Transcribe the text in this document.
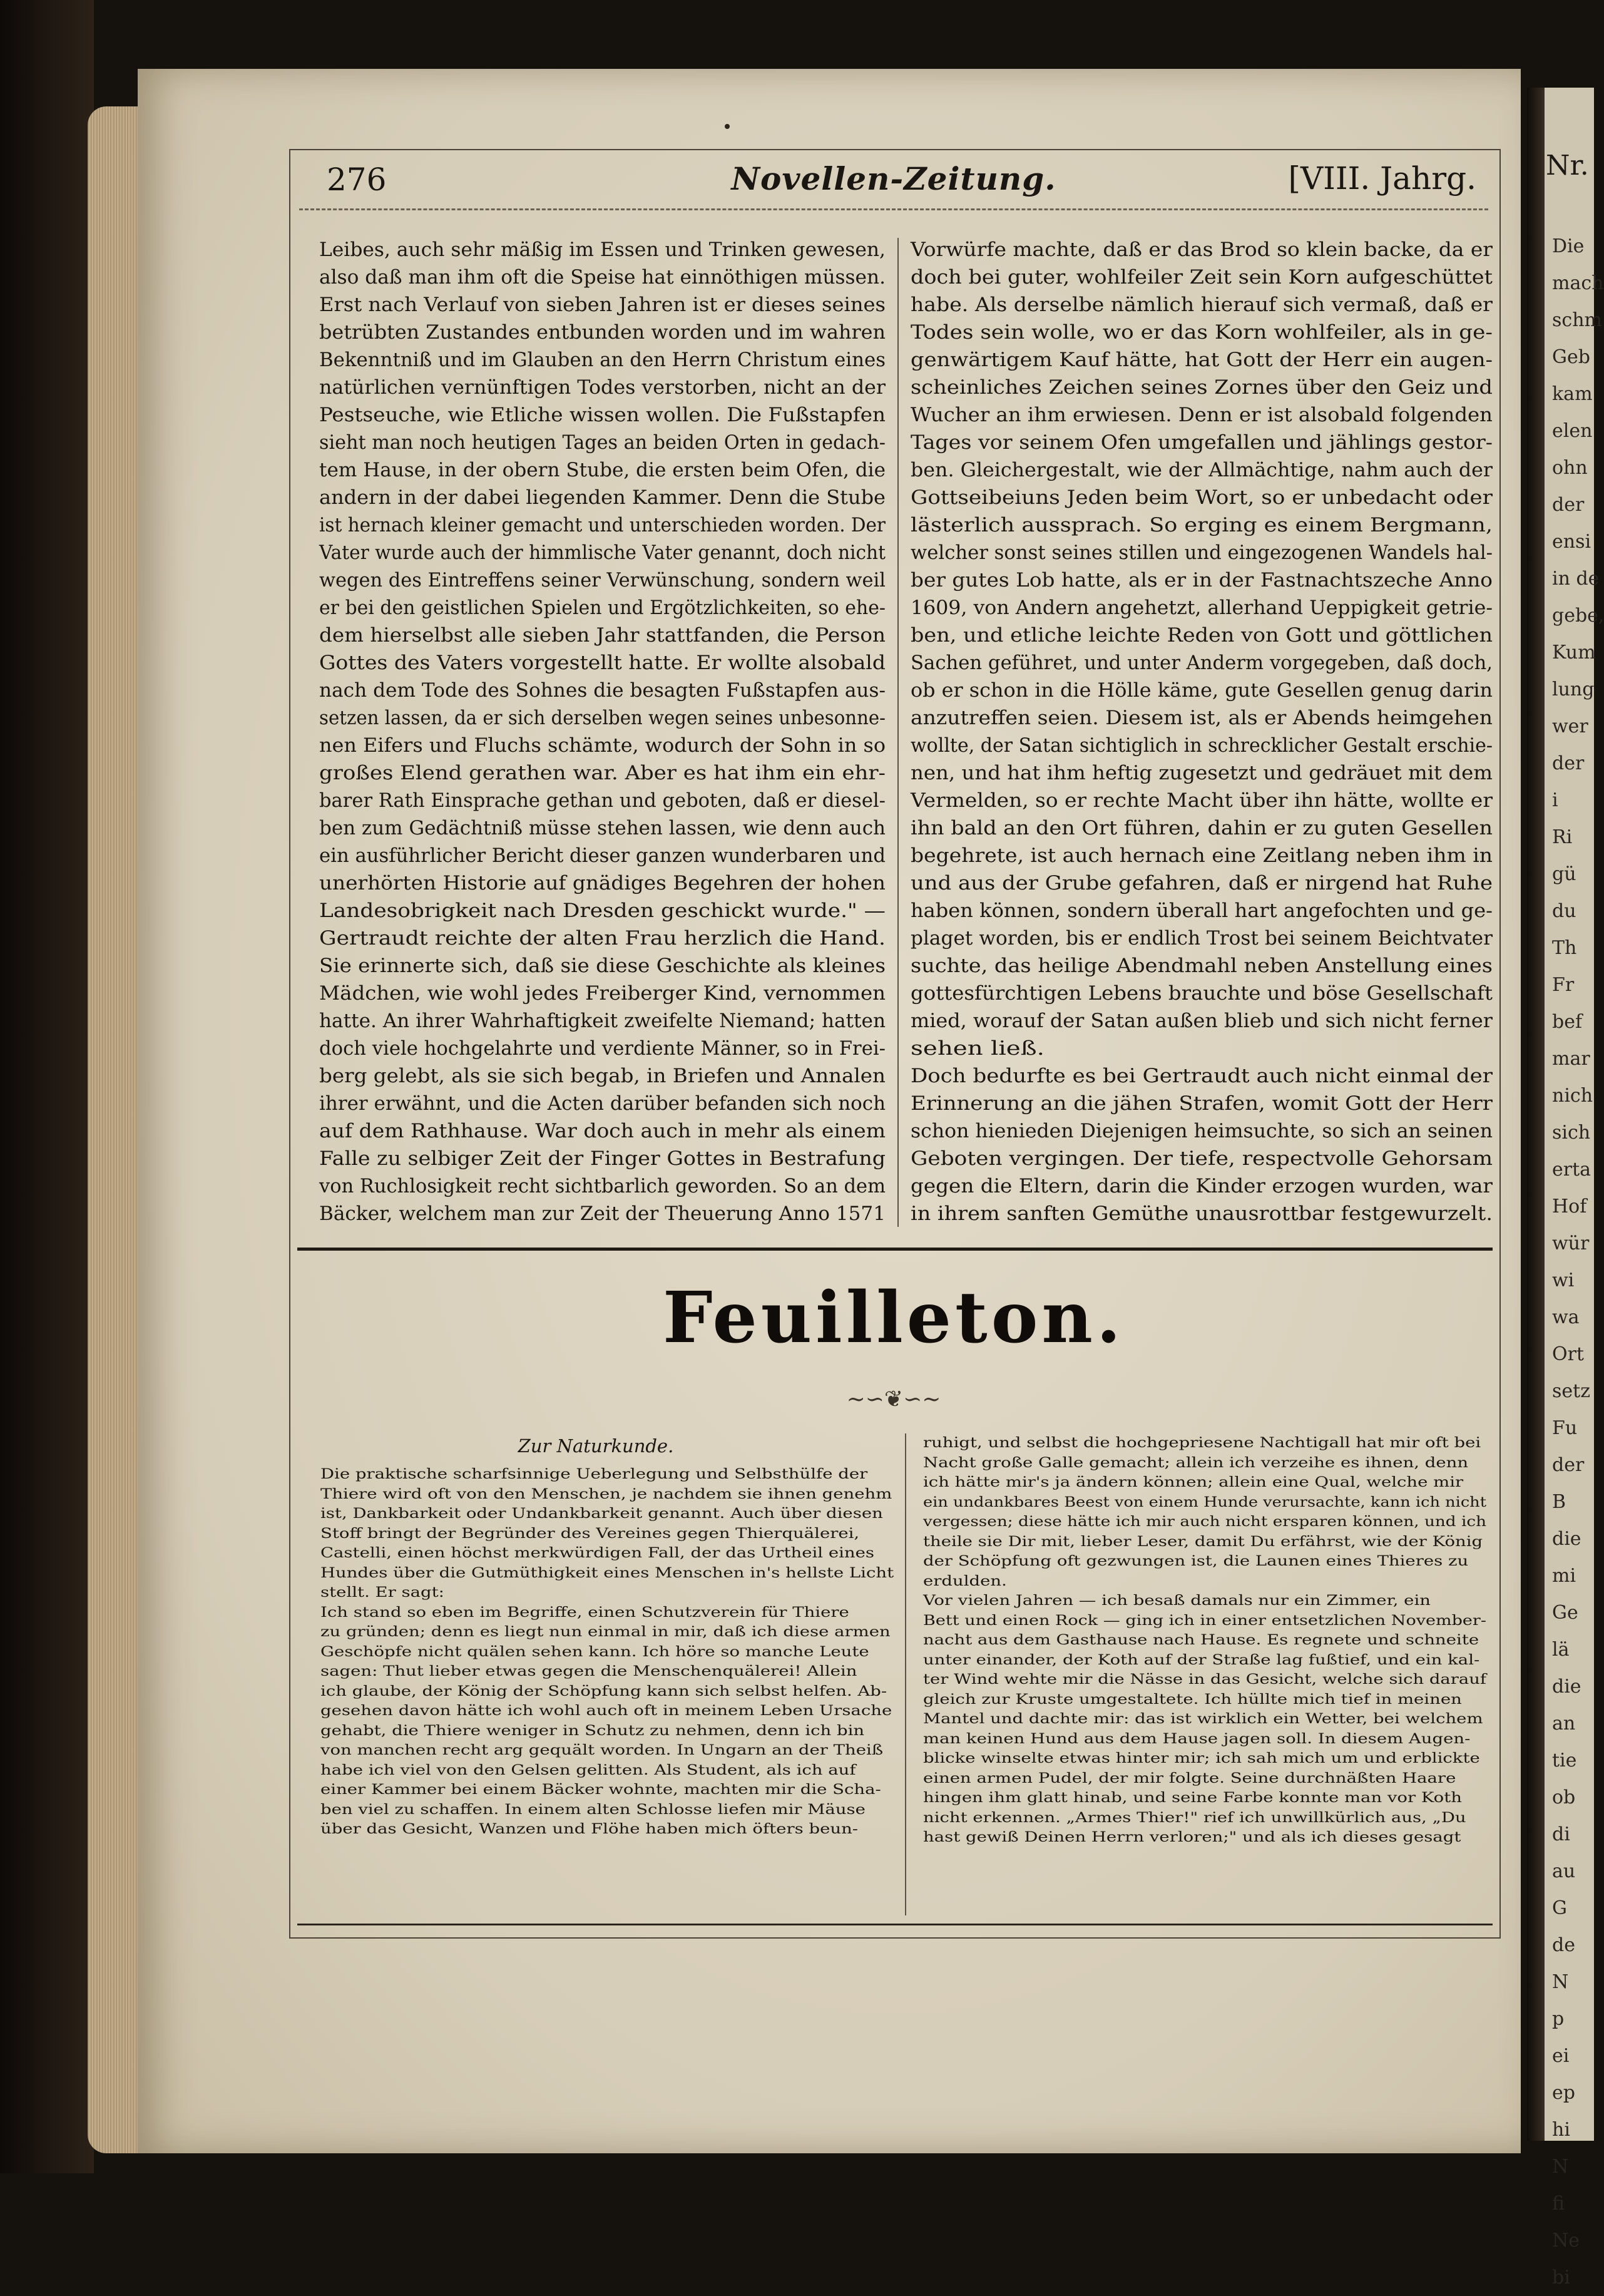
276	Novellen-Zeitung.	[VIII. Jahrg.
Leibes, auch sehr mäßig im Essen und Trinken gewesen,
also daß man ihm oft die Speise hat einnöthigen müssen.
Erst nach Verlauf von sieben Jahren ist er dieses seines
betrübten Zustandes entbunden worden und im wahren
Bekenntniß und im Glauben an den Herrn Christum eines
natürlichen vernünftigen Todes verstorben, nicht an der
Pestseuche, wie Etliche wissen wollen. Die Fußstapfen
sieht man noch heutigen Tages an beiden Orten in gedach-
tem Hause, in der obern Stube, die ersten beim Ofen, die
andern in der dabei liegenden Kammer. Denn die Stube
ist hernach kleiner gemacht und unterschieden worden. Der
Vater wurde auch der himmlische Vater genannt, doch nicht
wegen des Eintreffens seiner Verwünschung, sondern weil
er bei den geistlichen Spielen und Ergötzlichkeiten, so ehe-
dem hierselbst alle sieben Jahr stattfanden, die Person
Gottes des Vaters vorgestellt hatte. Er wollte alsobald
nach dem Tode des Sohnes die besagten Fußstapfen aus-
setzen lassen, da er sich derselben wegen seines unbesonne-
nen Eifers und Fluchs schämte, wodurch der Sohn in so
großes Elend gerathen war. Aber es hat ihm ein ehr-
barer Rath Einsprache gethan und geboten, daß er diesel-
ben zum Gedächtniß müsse stehen lassen, wie denn auch
ein ausführlicher Bericht dieser ganzen wunderbaren und
unerhörten Historie auf gnädiges Begehren der hohen
Landesobrigkeit nach Dresden geschickt wurde." —
Gertraudt reichte der alten Frau herzlich die Hand.
Sie erinnerte sich, daß sie diese Geschichte als kleines
Mädchen, wie wohl jedes Freiberger Kind, vernommen
hatte. An ihrer Wahrhaftigkeit zweifelte Niemand; hatten
doch viele hochgelahrte und verdiente Männer, so in Frei-
berg gelebt, als sie sich begab, in Briefen und Annalen
ihrer erwähnt, und die Acten darüber befanden sich noch
auf dem Rathhause. War doch auch in mehr als einem
Falle zu selbiger Zeit der Finger Gottes in Bestrafung
von Ruchlosigkeit recht sichtbarlich geworden. So an dem
Bäcker, welchem man zur Zeit der Theuerung Anno 1571
Vorwürfe machte, daß er das Brod so klein backe, da er
doch bei guter, wohlfeiler Zeit sein Korn aufgeschüttet
habe. Als derselbe nämlich hierauf sich vermaß, daß er
Todes sein wolle, wo er das Korn wohlfeiler, als in ge-
genwärtigem Kauf hätte, hat Gott der Herr ein augen-
scheinliches Zeichen seines Zornes über den Geiz und
Wucher an ihm erwiesen. Denn er ist alsobald folgenden
Tages vor seinem Ofen umgefallen und jählings gestor-
ben. Gleichergestalt, wie der Allmächtige, nahm auch der
Gottseibeiuns Jeden beim Wort, so er unbedacht oder
lästerlich aussprach. So erging es einem Bergmann,
welcher sonst seines stillen und eingezogenen Wandels hal-
ber gutes Lob hatte, als er in der Fastnachtszeche Anno
1609, von Andern angehetzt, allerhand Ueppigkeit getrie-
ben, und etliche leichte Reden von Gott und göttlichen
Sachen geführet, und unter Anderm vorgegeben, daß doch,
ob er schon in die Hölle käme, gute Gesellen genug darin
anzutreffen seien. Diesem ist, als er Abends heimgehen
wollte, der Satan sichtiglich in schrecklicher Gestalt erschie-
nen, und hat ihm heftig zugesetzt und gedräuet mit dem
Vermelden, so er rechte Macht über ihn hätte, wollte er
ihn bald an den Ort führen, dahin er zu guten Gesellen
begehrete, ist auch hernach eine Zeitlang neben ihm in
und aus der Grube gefahren, daß er nirgend hat Ruhe
haben können, sondern überall hart angefochten und ge-
plaget worden, bis er endlich Trost bei seinem Beichtvater
suchte, das heilige Abendmahl neben Anstellung eines
gottesfürchtigen Lebens brauchte und böse Gesellschaft
mied, worauf der Satan außen blieb und sich nicht ferner
sehen ließ.
Doch bedurfte es bei Gertraudt auch nicht einmal der
Erinnerung an die jähen Strafen, womit Gott der Herr
schon hienieden Diejenigen heimsuchte, so sich an seinen
Geboten vergingen. Der tiefe, respectvolle Gehorsam
gegen die Eltern, darin die Kinder erzogen wurden, war
in ihrem sanften Gemüthe unausrottbar festgewurzelt.
Feuilleton.
~∽❦∽~
Zur Naturkunde.
Die praktische scharfsinnige Ueberlegung und Selbsthülfe der
Thiere wird oft von den Menschen, je nachdem sie ihnen genehm
ist, Dankbarkeit oder Undankbarkeit genannt. Auch über diesen
Stoff bringt der Begründer des Vereines gegen Thierquälerei,
Castelli, einen höchst merkwürdigen Fall, der das Urtheil eines
Hundes über die Gutmüthigkeit eines Menschen in's hellste Licht
stellt. Er sagt:
Ich stand so eben im Begriffe, einen Schutzverein für Thiere
zu gründen; denn es liegt nun einmal in mir, daß ich diese armen
Geschöpfe nicht quälen sehen kann. Ich höre so manche Leute
sagen: Thut lieber etwas gegen die Menschenquälerei! Allein
ich glaube, der König der Schöpfung kann sich selbst helfen. Ab-
gesehen davon hätte ich wohl auch oft in meinem Leben Ursache
gehabt, die Thiere weniger in Schutz zu nehmen, denn ich bin
von manchen recht arg gequält worden. In Ungarn an der Theiß
habe ich viel von den Gelsen gelitten. Als Student, als ich auf
einer Kammer bei einem Bäcker wohnte, machten mir die Scha-
ben viel zu schaffen. In einem alten Schlosse liefen mir Mäuse
über das Gesicht, Wanzen und Flöhe haben mich öfters beun-
ruhigt, und selbst die hochgepriesene Nachtigall hat mir oft bei
Nacht große Galle gemacht; allein ich verzeihe es ihnen, denn
ich hätte mir's ja ändern können; allein eine Qual, welche mir
ein undankbares Beest von einem Hunde verursachte, kann ich nicht
vergessen; diese hätte ich mir auch nicht ersparen können, und ich
theile sie Dir mit, lieber Leser, damit Du erfährst, wie der König
der Schöpfung oft gezwungen ist, die Launen eines Thieres zu
erdulden.
Vor vielen Jahren — ich besaß damals nur ein Zimmer, ein
Bett und einen Rock — ging ich in einer entsetzlichen November-
nacht aus dem Gasthause nach Hause. Es regnete und schneite
unter einander, der Koth auf der Straße lag fußtief, und ein kal-
ter Wind wehte mir die Nässe in das Gesicht, welche sich darauf
gleich zur Kruste umgestaltete. Ich hüllte mich tief in meinen
Mantel und dachte mir: das ist wirklich ein Wetter, bei welchem
man keinen Hund aus dem Hause jagen soll. In diesem Augen-
blicke winselte etwas hinter mir; ich sah mich um und erblickte
einen armen Pudel, der mir folgte. Seine durchnäßten Haare
hingen ihm glatt hinab, und seine Farbe konnte man vor Koth
nicht erkennen. „Armes Thier!" rief ich unwillkürlich aus, „Du
hast gewiß Deinen Herrn verloren;" und als ich dieses gesagt
Nr.
Die
mach
schm
Geb
kam
elen
ohn
der
ensi
in de
gebe,
Kum
lung
wer
der
i
Ri
gü
du
Th
Fr
bef
mar
nich
sich
erta
Hof
wür
wi
wa
Ort
setz
Fu
der
B
die
mi
Ge
lä
die
an
tie
ob
di
au
G
de
N
p
ei
ep
hi
N
fi
Ne
bi
